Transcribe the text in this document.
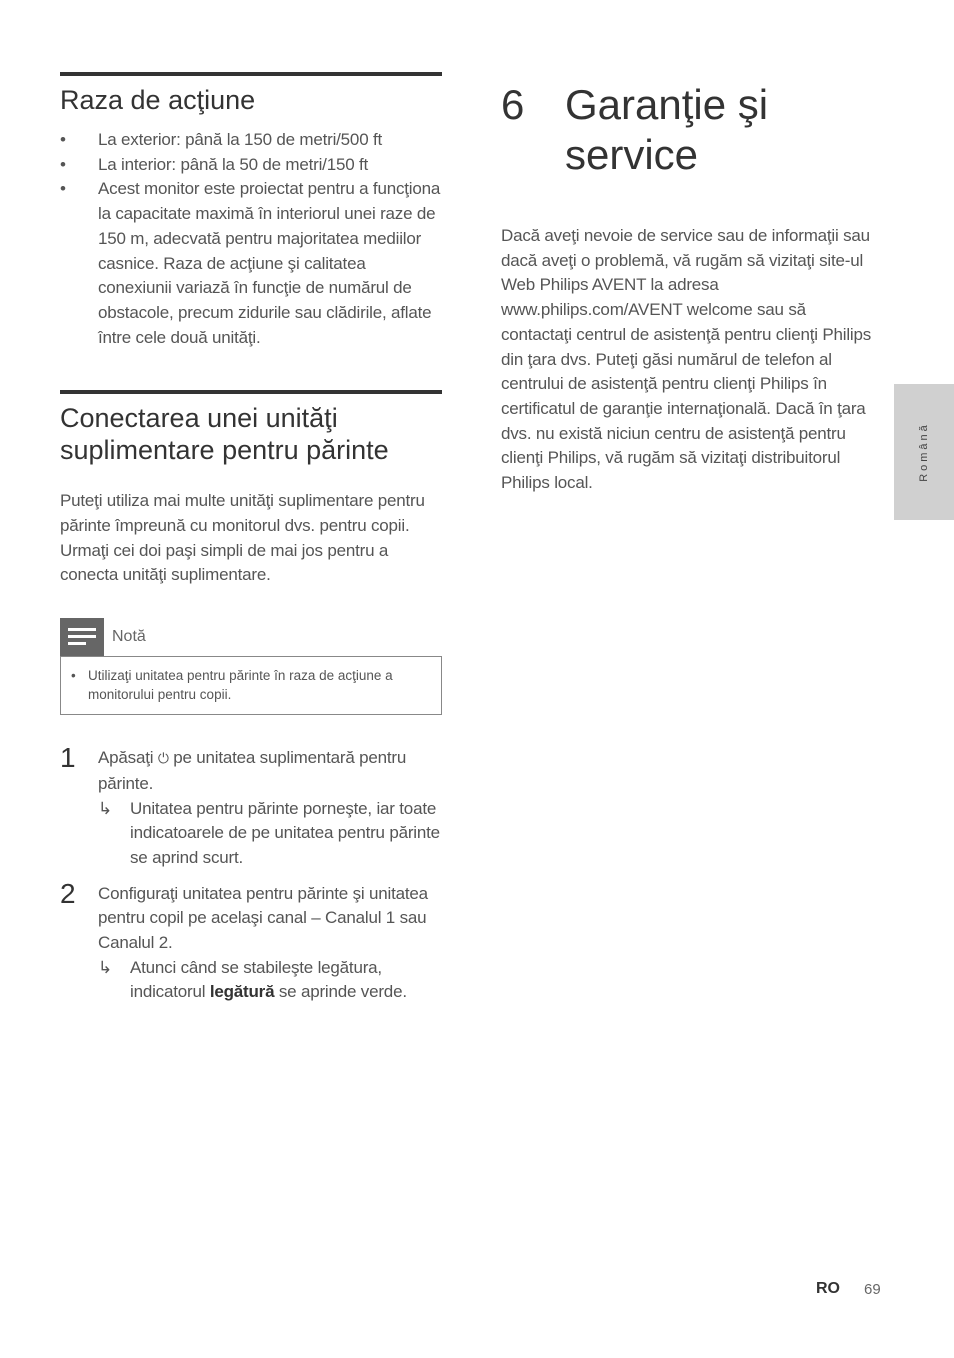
Raza de acţiune
• La exterior: până la 150 de metri/500 ft
• La interior: până la 50 de metri/150 ft
• Acest monitor este proiectat pentru a funcţiona la capacitate maximă în interiorul unei raze de 150 m, adecvată pentru majoritatea mediilor casnice. Raza de acţiune şi calitatea conexiunii variază în funcţie de numărul de obstacole, precum zidurile sau clădirile, aflate între cele două unităţi.
Conectarea unei unităţi suplimentare pentru părinte

Puteţi utiliza mai multe unităţi suplimentare pentru părinte împreună cu monitorul dvs. pentru copii. Urmaţi cei doi paşi simpli de mai jos pentru a conecta unităţi suplimentare.

Notă
• Utilizaţi unitatea pentru părinte în raza de acţiune a monitorului pentru copii.
1 Apăsaţi ⏻ pe unitatea suplimentară pentru părinte.

↳ Unitatea pentru părinte porneşte, iar toate indicatoarele de pe unitatea pentru părinte se aprind scurt.
2 Configuraţi unitatea pentru părinte şi unitatea pentru copil pe acelaşi canal – Canalul 1 sau Canalul 2.

↳ Atunci când se stabileşte legătura, indicatorul legătură se aprinde verde.
6 Garanţie şi service

Dacă aveţi nevoie de service sau de informaţii sau dacă aveţi o problemă, vă rugăm să vizitaţi site-ul Web Philips AVENT la adresa www.philips.com/AVENT welcome sau să contactaţi centrul de asistenţă pentru clienţi Philips din ţara dvs. Puteţi găsi numărul de telefon al centrului de asistenţă pentru clienţi Philips în certificatul de garanţie internaţională. Dacă în ţara dvs. nu există niciun centru de asistenţă pentru clienţi Philips, vă rugăm să vizitaţi distribuitorul Philips local.

Română
RO 69
